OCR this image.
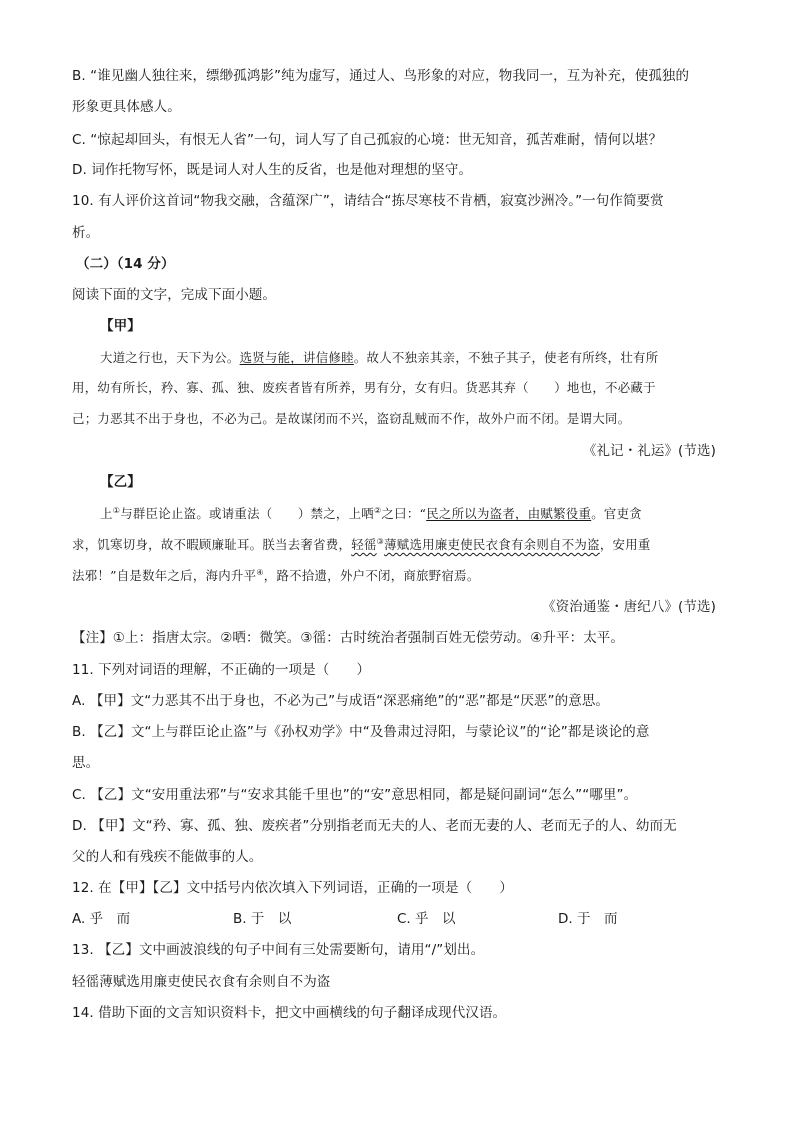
B. “谁见幽人独往来，缥缈孤鸿影”纯为虚写，通过人、鸟形象的对应，物我同一，互为补充，使孤独的
形象更具体感人。
C. “惊起却回头，有恨无人省”一句，词人写了自己孤寂的心境：世无知音，孤苦难耐，情何以堪？
D. 词作托物写怀，既是词人对人生的反省，也是他对理想的坚守。
10. 有人评价这首词“物我交融，含蕴深广”，请结合“拣尽寒枝不肯栖，寂寞沙洲冷。”一句作简要赏
析。
（二）（14 分）
阅读下面的文字，完成下面小题。
【甲】
大道之行也，天下为公。选贤与能，讲信修睦。故人不独亲其亲，不独子其子，使老有所终，壮有所
用，幼有所长，矜、寡、孤、独、废疾者皆有所养，男有分，女有归。货恶其弃（　　）地也，不必藏于
己；力恶其不出于身也，不必为己。是故谋闭而不兴，盗窃乱贼而不作，故外户而不闭。是谓大同。
《礼记・礼运》(节选)
【乙】
上①与群臣论止盗。或请重法（　　）禁之，上哂②之曰：“民之所以为盗者，由赋繁役重。官吏贪
求，饥寒切身，故不暇顾廉耻耳。朕当去奢省费，轻徭③薄赋选用廉吏使民衣食有余则自不为盗，安用重
法邪！”自是数年之后，海内升平④，路不拾遗，外户不闭，商旅野宿焉。
《资治通鉴・唐纪八》(节选)
【注】①上：指唐太宗。②哂：微笑。③徭：古时统治者强制百姓无偿劳动。④升平：太平。
11. 下列对词语的理解，不正确的一项是（　　）
A. 【甲】文“力恶其不出于身也，不必为己”与成语“深恶痛绝”的“恶”都是“厌恶”的意思。
B. 【乙】文“上与群臣论止盗”与《孙权劝学》中“及鲁肃过浔阳，与蒙论议”的“论”都是谈论的意
思。
C. 【乙】文“安用重法邪”与“安求其能千里也”的“安”意思相同，都是疑问副词“怎么”“哪里”。
D. 【甲】文“矜、寡、孤、独、废疾者”分别指老而无夫的人、老而无妻的人、老而无子的人、幼而无
父的人和有残疾不能做事的人。
12. 在【甲】【乙】文中括号内依次填入下列词语，正确的一项是（　　）
A. 乎　而	B. 于　以	C. 乎　以	D. 于　而
13. 【乙】文中画波浪线的句子中间有三处需要断句，请用“/”划出。
轻徭薄赋选用廉吏使民衣食有余则自不为盗
14. 借助下面的文言知识资料卡，把文中画横线的句子翻译成现代汉语。
